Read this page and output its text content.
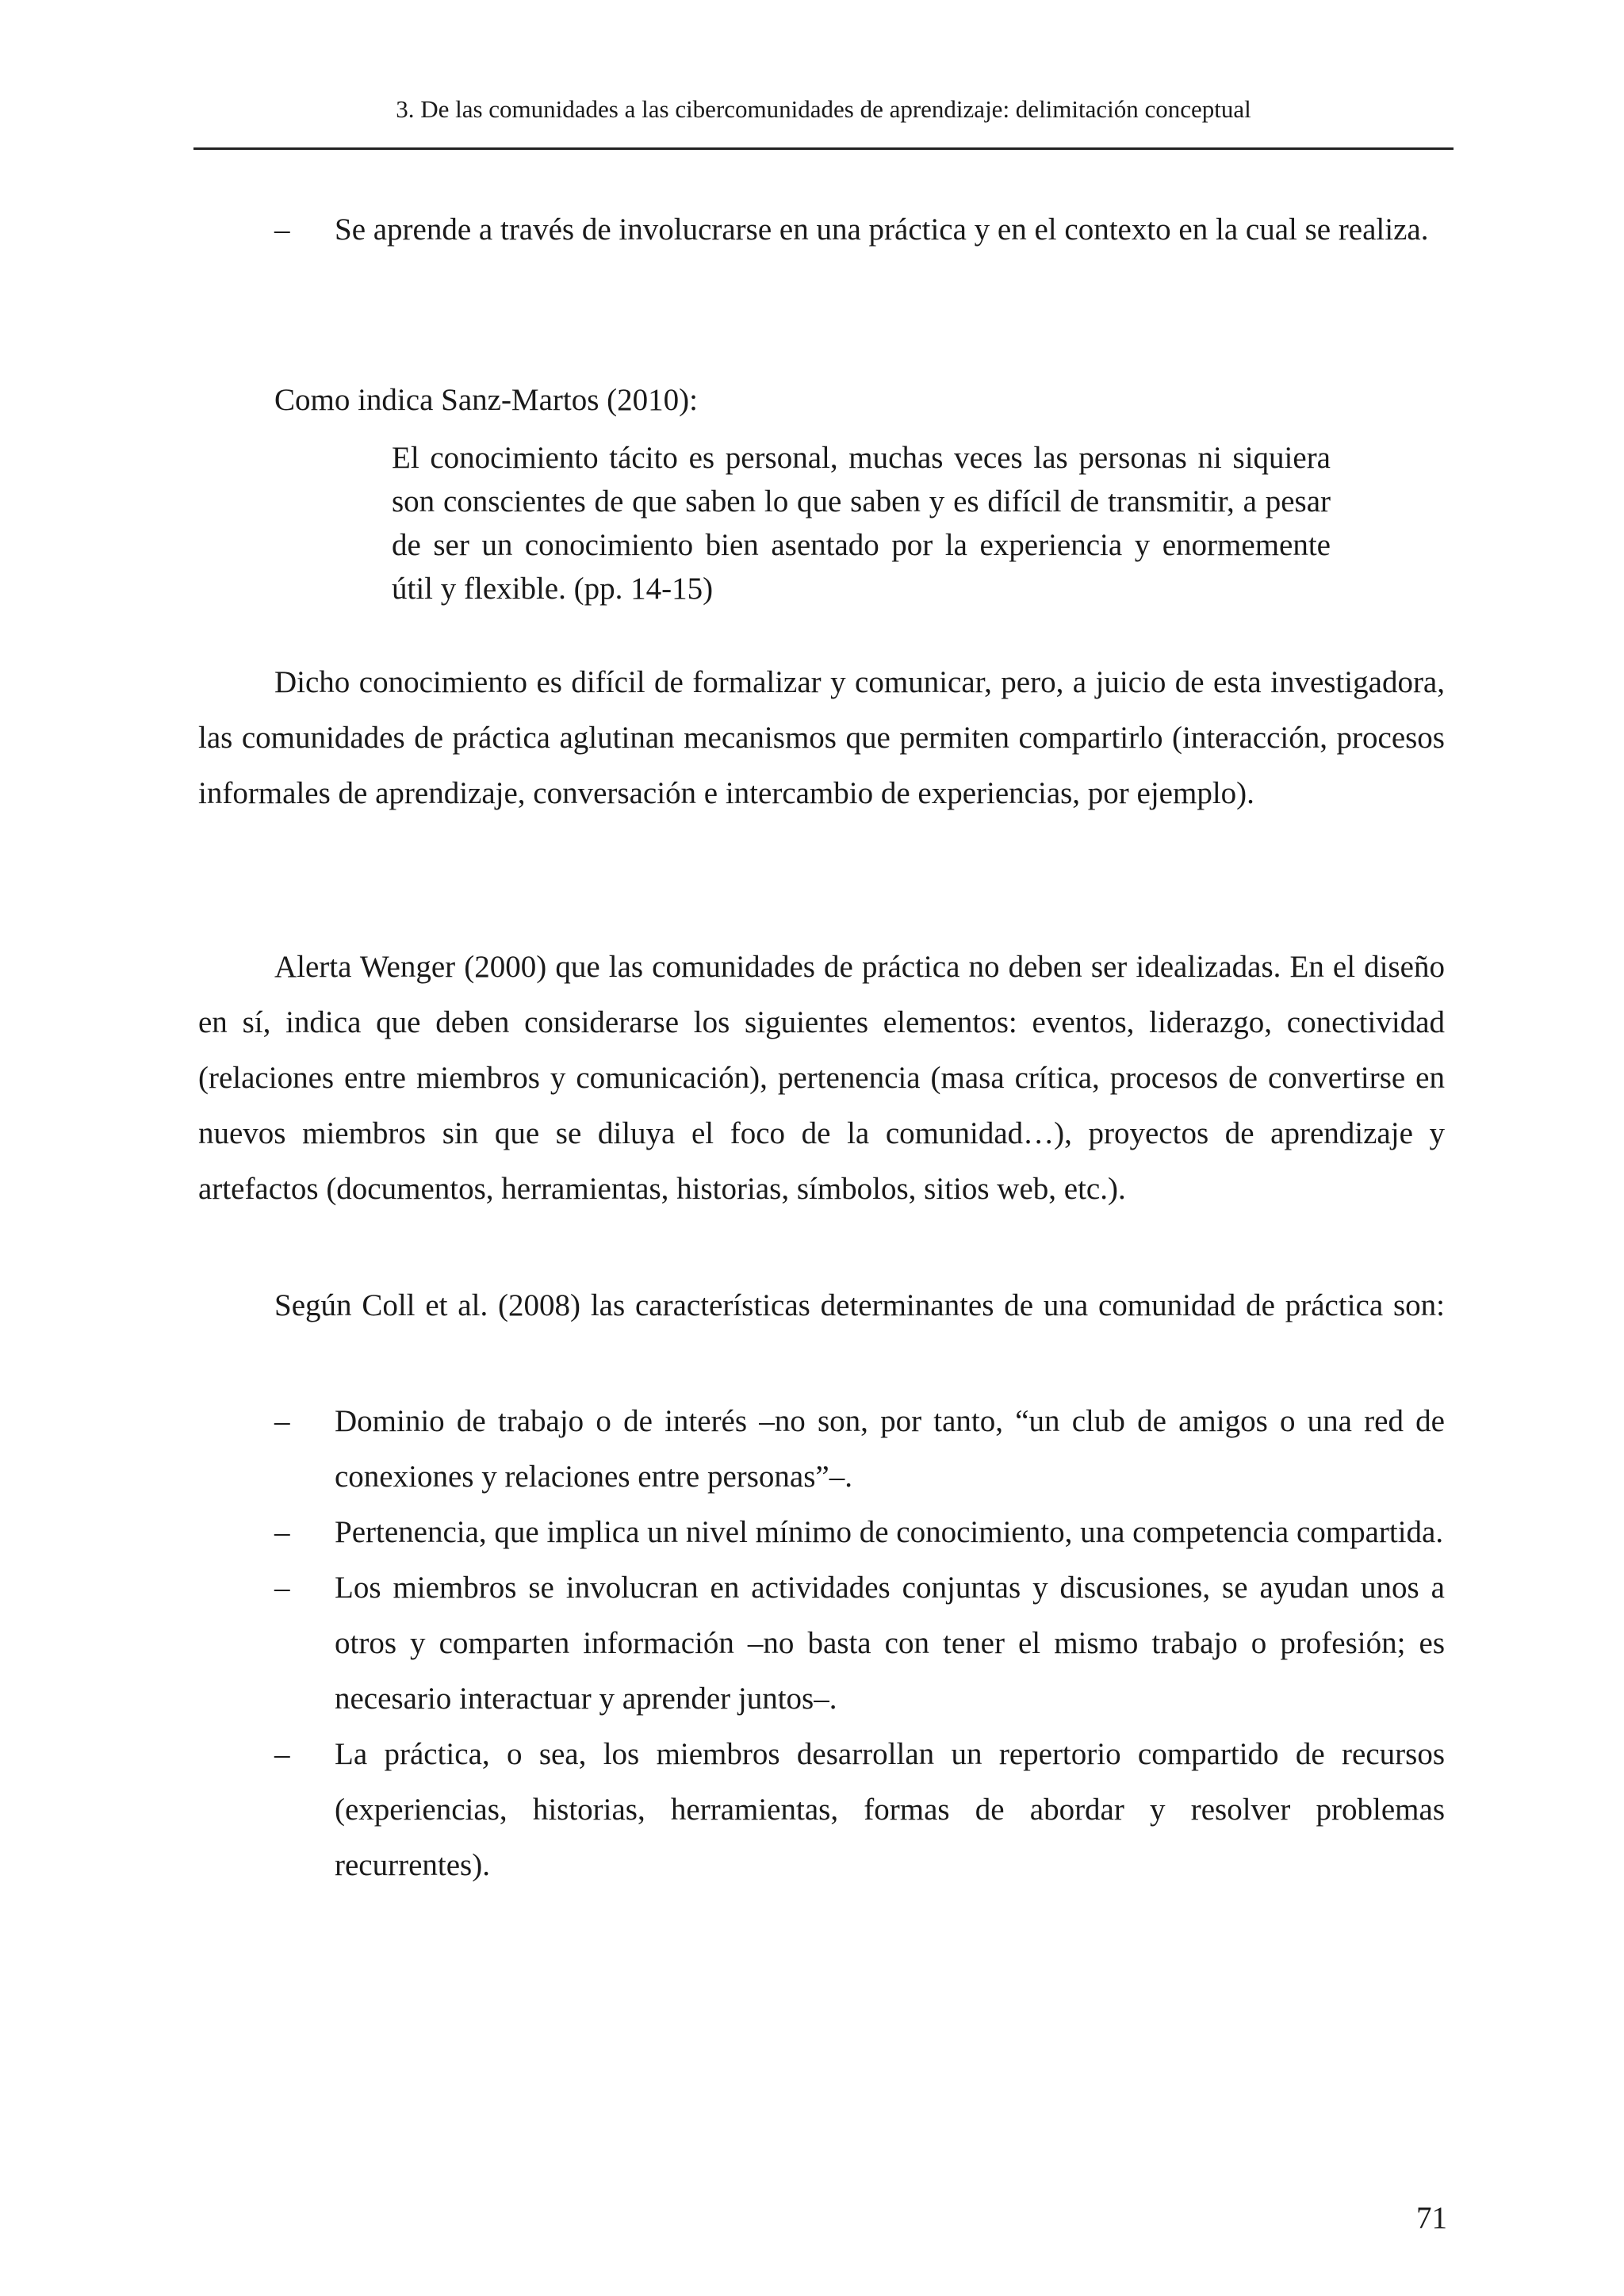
3. De las comunidades a las cibercomunidades de aprendizaje: delimitación conceptual

– Se aprende a través de involucrarse en una práctica y en el contexto en la cual se realiza.

Como indica Sanz-Martos (2010):

El conocimiento tácito es personal, muchas veces las personas ni siquiera son conscientes de que saben lo que saben y es difícil de transmitir, a pesar de ser un conocimiento bien asentado por la experiencia y enormemente útil y flexible. (pp. 14-15)

Dicho conocimiento es difícil de formalizar y comunicar, pero, a juicio de esta investigadora, las comunidades de práctica aglutinan mecanismos que permiten compartirlo (interacción, procesos informales de aprendizaje, conversación e intercambio de experiencias, por ejemplo).

Alerta Wenger (2000) que las comunidades de práctica no deben ser idealizadas. En el diseño en sí, indica que deben considerarse los siguientes elementos: eventos, liderazgo, conectividad (relaciones entre miembros y comunicación), pertenencia (masa crítica, procesos de convertirse en nuevos miembros sin que se diluya el foco de la comunidad…), proyectos de aprendizaje y artefactos (documentos, herramientas, historias, símbolos, sitios web, etc.).

Según Coll et al. (2008) las características determinantes de una comunidad de práctica son:

– Dominio de trabajo o de interés –no son, por tanto, “un club de amigos o una red de conexiones y relaciones entre personas”–.

– Pertenencia, que implica un nivel mínimo de conocimiento, una competencia compartida.

– Los miembros se involucran en actividades conjuntas y discusiones, se ayudan unos a otros y comparten información –no basta con tener el mismo trabajo o profesión; es necesario interactuar y aprender juntos–.

– La práctica, o sea, los miembros desarrollan un repertorio compartido de recursos (experiencias, historias, herramientas, formas de abordar y resolver problemas recurrentes).

71
